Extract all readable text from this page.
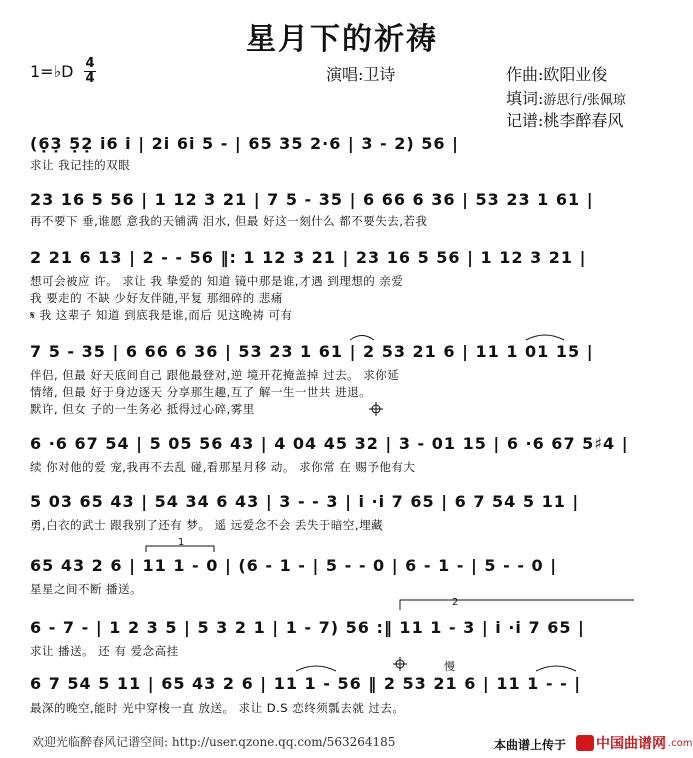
星月下的祈祷
1=♭D 4
4	演唱:卫诗	作曲:欧阳业俊
填词:游思行/张佩琼
记谱:桃李醉春风
(6̣3̣ 5̣2̣ i6 i | 2i 6i 5 - | 65 35 2·6 | 3 - 2) 56 |
求让 我记挂的双眼
23 16 5 56 | 1 12 3 21 | 7 5 - 35 | 6 66 6 36 | 53 23 1 61 |
再不要下 垂,谁愿 意我的天铺满 泪水, 但最 好这一刻什么 都不要失去,若我
2 21 6 13 | 2 - - 56 ‖: 1 12 3 21 | 23 16 5 56 | 1 12 3 21 |
想可会被应 许。 求让 我 挚爱的 知道 镜中那是谁,才遇 到理想的 亲爱
我 要走的 不缺 少好友伴随,平复 那细碎的 悲痛
𝄋 我 这辈子 知道 到底我是谁,而后 见这晚祷 可有
7 5 - 35 | 6 66 6 36 | 53 23 1 61 | 2 53 21 6 | 11 1 01 15 |
伴侣, 但最 好天底间自己 跟他最登对,逆 境开花掩盖掉 过去。 求你延
情绪, 但最 好于身边逐天 分享那生趣,互了 解一生一世共 进退。
默许, 但女 子的一生务必 抵得过心碎,雾里
6 ·6 67 54 | 5 05 56 43 | 4 04 45 32 | 3 - 01 15 | 6 ·6 67 5♯4 |
续 你对他的爱 宠,我再不去乱 碰,看那星月移 动。 求你常 在 赐予他有大
5 03 65 43 | 54 34 6 43 | 3 - - 3 | i ·i 7 65 | 6 7 54 5 11 |
勇,白衣的武士 跟我别了还有 梦。 遥 远爱念不会 丢失于暗空,埋藏
65 43 2 6 | 11 1 - 0 | (6 - 1 - | 5 - - 0 | 6 - 1 - | 5 - - 0 |
星星之间不断 播送。
6 - 7 - | 1 2 3 5 | 5 3 2 1 | 1 - 7) 56 :‖ 11 1 - 3 | i ·i 7 65 |
求让 播送。 还 有 爱念高挂
6 7 54 5 11 | 65 43 2 6 | 11 1 - 56 ‖ 2 53 21 6 | 11 1 - - |
最深的晚空,能时 光中穿梭一直 放送。 求让 D.S 恋终须瓢去就 过去。
慢
1
2
欢迎光临醉春风记谱空间: http://user.qzone.qq.com/563264185	本曲谱上传于 中国曲谱网 .com
